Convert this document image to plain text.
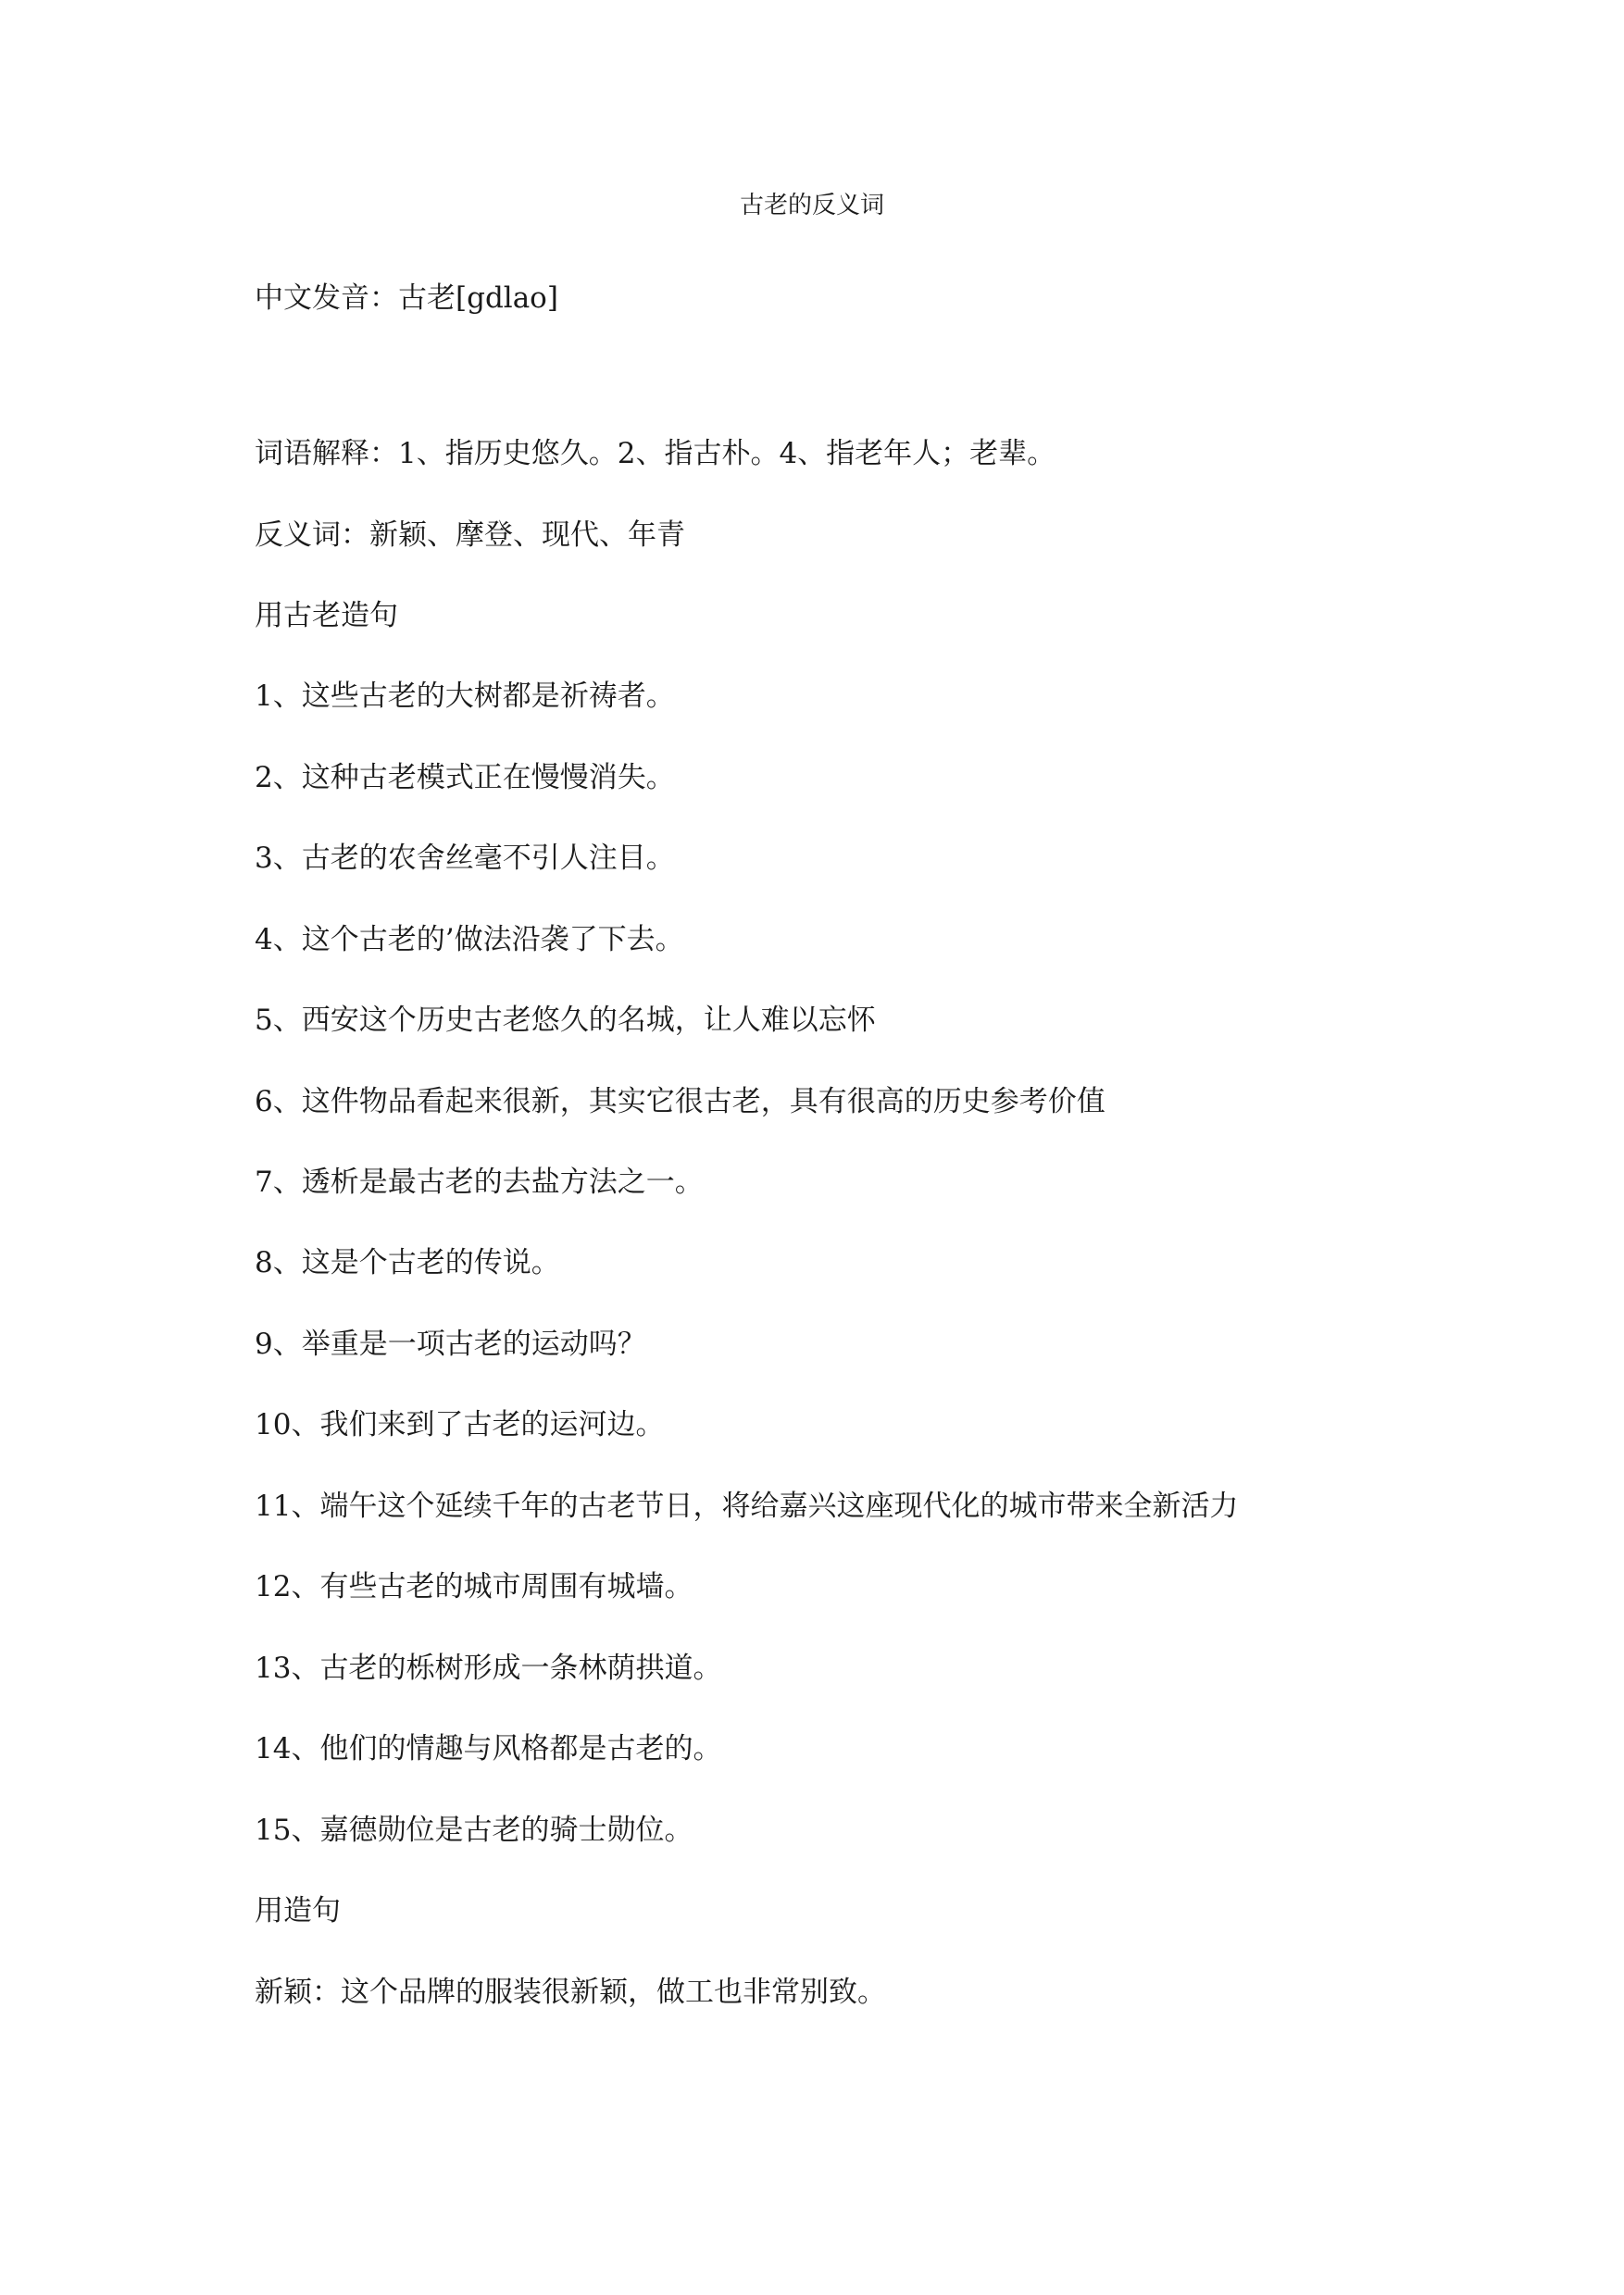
古老的反义词

中文发音：古老[gdlao]

词语解释：1、指历史悠久。2、指古朴。4、指老年人；老辈。

反义词：新颖、摩登、现代、年青

用古老造句

1、这些古老的大树都是祈祷者。

2、这种古老模式正在慢慢消失。

3、古老的农舍丝毫不引人注目。

4、这个古老的’做法沿袭了下去。

5、西安这个历史古老悠久的名城，让人难以忘怀

6、这件物品看起来很新，其实它很古老，具有很高的历史参考价值

7、透析是最古老的去盐方法之一。

8、这是个古老的传说。

9、举重是一项古老的运动吗？

10、我们来到了古老的运河边。

11、端午这个延续千年的古老节日，将给嘉兴这座现代化的城市带来全新活力

12、有些古老的城市周围有城墙。

13、古老的栎树形成一条林荫拱道。

14、他们的情趣与风格都是古老的。

15、嘉德勋位是古老的骑士勋位。

用造句

新颖：这个品牌的服装很新颖，做工也非常别致。
